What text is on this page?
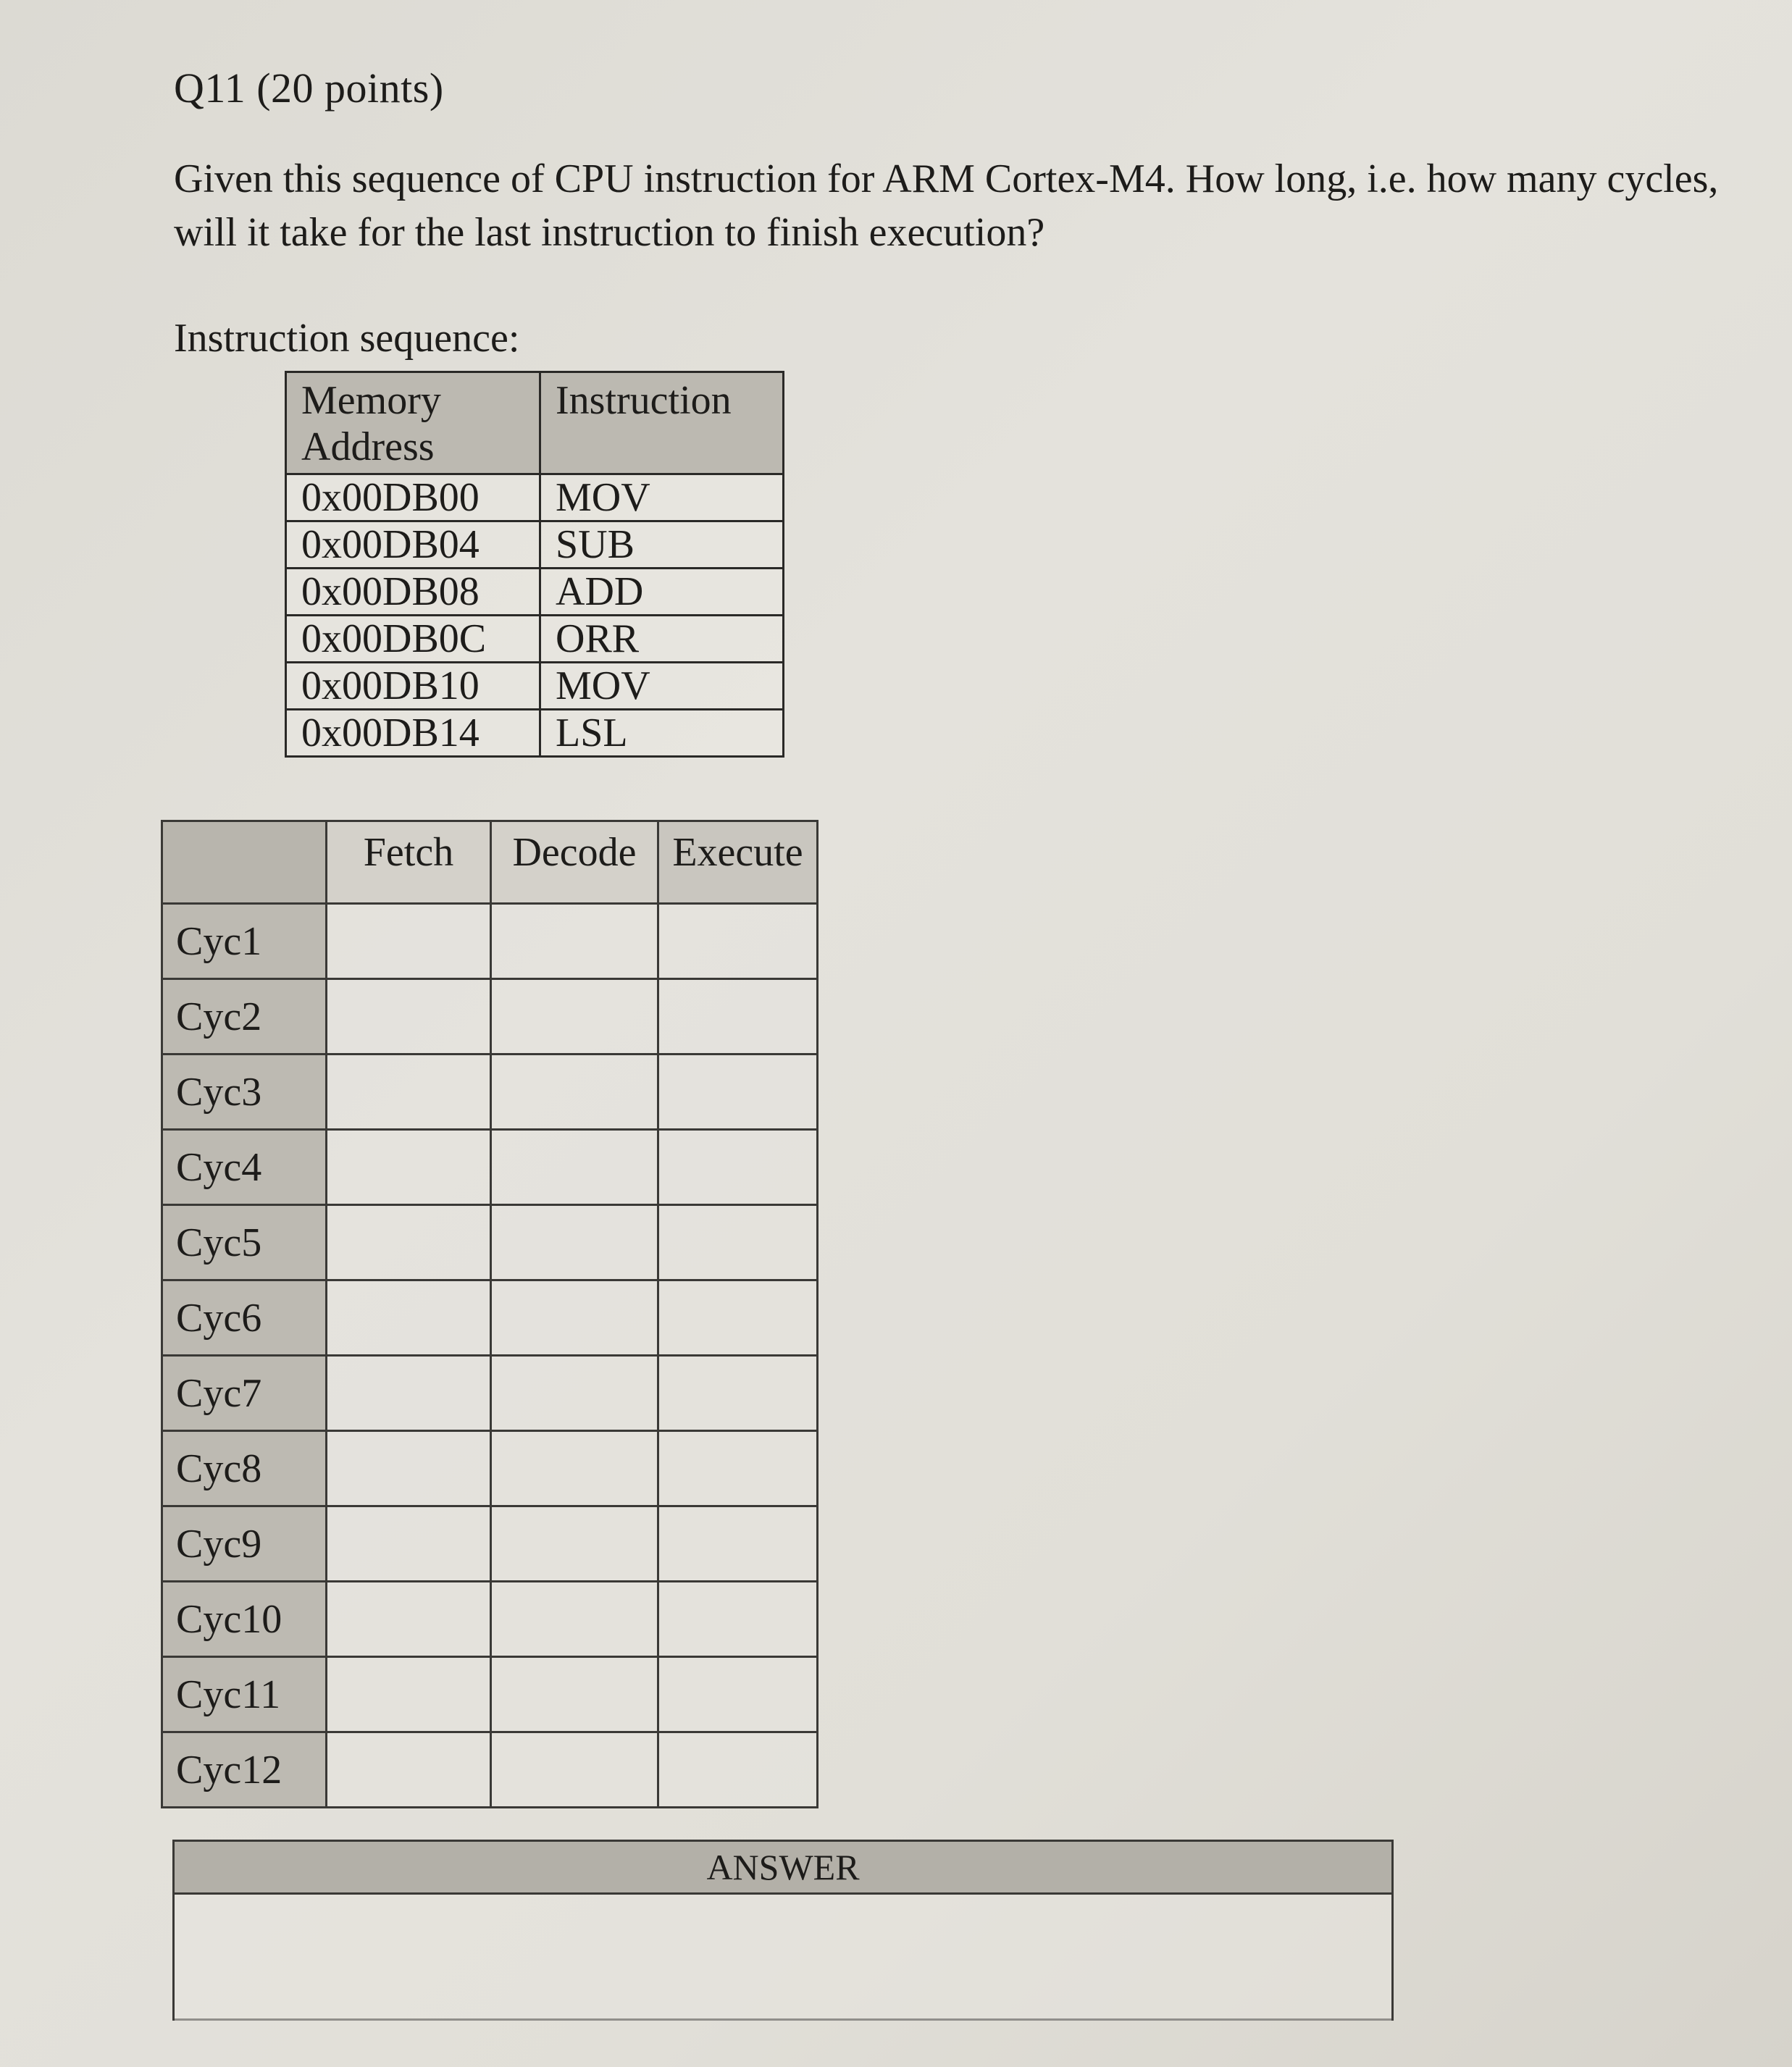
Q11 (20 points)

Given this sequence of CPU instruction for ARM Cortex-M4. How long, i.e. how many cycles,

will it take for the last instruction to finish execution?

Instruction sequence:
Memory
Address	Instruction
0x00DB00	MOV
0x00DB04	SUB
0x00DB08	ADD
0x00DB0C	ORR
0x00DB10	MOV
0x00DB14	LSL
	Fetch	Decode	Execute
Cyc1			
Cyc2			
Cyc3			
Cyc4			
Cyc5			
Cyc6			
Cyc7			
Cyc8			
Cyc9			
Cyc10			
Cyc11			
Cyc12			
ANSWER
